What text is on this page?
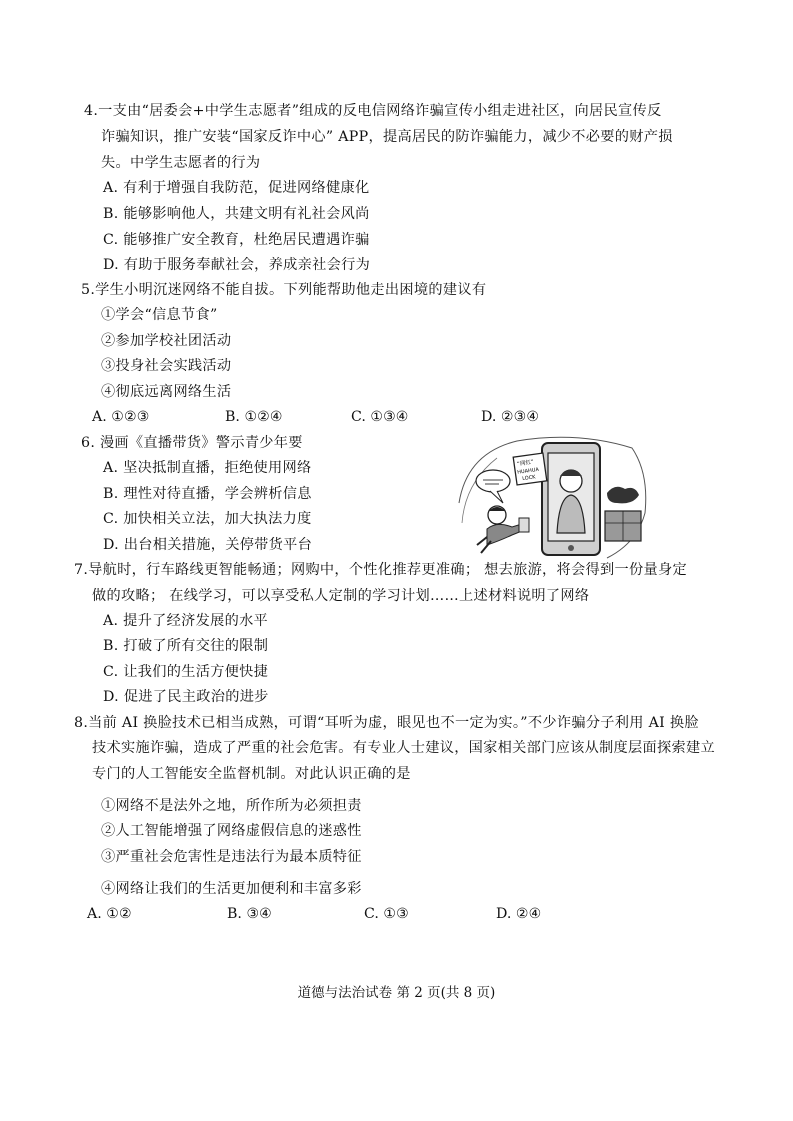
4.一支由“居委会+中学生志愿者”组成的反电信网络诈骗宣传小组走进社区，向居民宣传反
诈骗知识，推广安装“国家反诈中心” APP，提高居民的防诈骗能力，减少不必要的财产损
失。中学生志愿者的行为
A. 有利于增强自我防范，促进网络健康化
B. 能够影响他人，共建文明有礼社会风尚
C. 能够推广安全教育，杜绝居民遭遇诈骗
D. 有助于服务奉献社会，养成亲社会行为
5.学生小明沉迷网络不能自拔。下列能帮助他走出困境的建议有
①学会“信息节食”
②参加学校社团活动
③投身社会实践活动
④彻底远离网络生活
A. ①②③	B. ①②④	C. ①③④	D. ②③④
6. 漫画《直播带货》警示青少年要
A. 坚决抵制直播，拒绝使用网络
B. 理性对待直播，学会辨析信息
C. 加快相关立法，加大执法力度
D. 出台相关措施，关停带货平台
“网红”
HUAHUA
LOCK
7.导航时，行车路线更智能畅通；网购中，个性化推荐更准确； 想去旅游，将会得到一份量身定
做的攻略； 在线学习，可以享受私人定制的学习计划……上述材料说明了网络
A. 提升了经济发展的水平
B. 打破了所有交往的限制
C. 让我们的生活方便快捷
D. 促进了民主政治的进步
8.当前 AI 换脸技术已相当成熟，可谓“耳听为虚，眼见也不一定为实。”不少诈骗分子利用 AI 换脸
技术实施诈骗，造成了严重的社会危害。有专业人士建议，国家相关部门应该从制度层面探索建立
专门的人工智能安全监督机制。对此认识正确的是
①网络不是法外之地，所作所为必须担责
②人工智能增强了网络虚假信息的迷惑性
③严重社会危害性是违法行为最本质特征
④网络让我们的生活更加便利和丰富多彩
A. ①②	B. ③④	C. ①③	D. ②④
道德与法治试卷 第 2 页(共 8 页)
